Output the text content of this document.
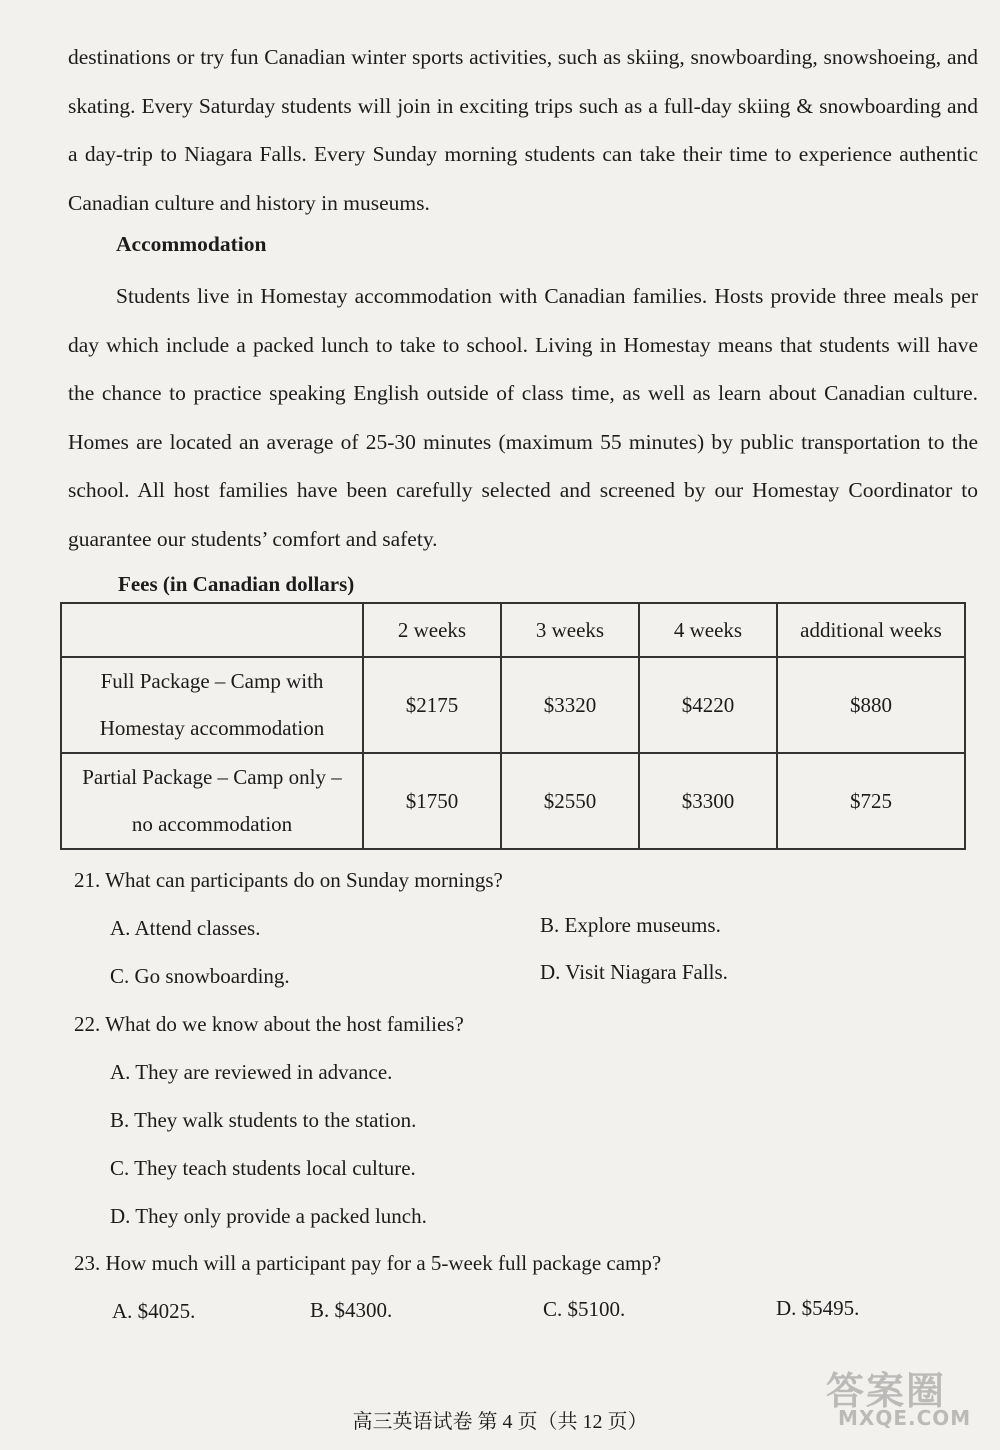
destinations or try fun Canadian winter sports activities, such as skiing, snowboarding, snowshoeing, and skating. Every Saturday students will join in exciting trips such as a full-day skiing & snowboarding and a day-trip to Niagara Falls. Every Sunday morning students can take their time to experience authentic Canadian culture and history in museums.

Accommodation

Students live in Homestay accommodation with Canadian families. Hosts provide three meals per day which include a packed lunch to take to school. Living in Homestay means that students will have the chance to practice speaking English outside of class time, as well as learn about Canadian culture. Homes are located an average of 25-30 minutes (maximum 55 minutes) by public transportation to the school. All host families have been carefully selected and screened by our Homestay Coordinator to guarantee our students’ comfort and safety.

Fees (in Canadian dollars)
	2 weeks	3 weeks	4 weeks	additional weeks
Full Package – Camp with Homestay accommodation	$2175	$3320	$4220	$880
Partial Package – Camp only – no accommodation	$1750	$2550	$3300	$725
21. What can participants do on Sunday mornings?
A. Attend classes.	B. Explore museums.
C. Go snowboarding.	D. Visit Niagara Falls.
22. What do we know about the host families?
A. They are reviewed in advance.
B. They walk students to the station.
C. They teach students local culture.
D. They only provide a packed lunch.
23. How much will a participant pay for a 5-week full package camp?
A. $4025.	B. $4300.	C. $5100.	D. $5495.
高三英语试卷 第 4 页（共 12 页）
答案圈
MXQE.COM
